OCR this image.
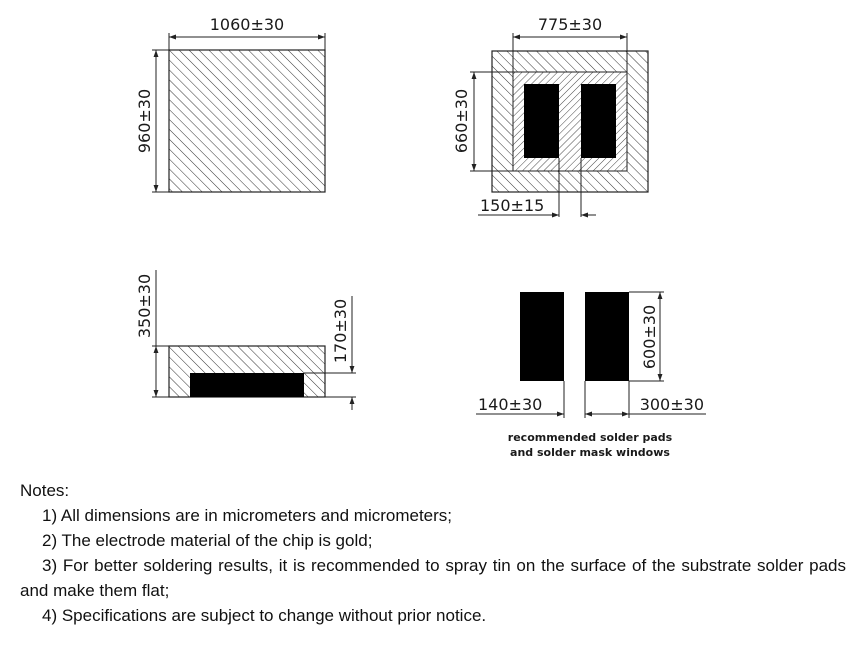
1060±30
960±30
775±30
660±30
150±15
350±30	170±30	600±30
140±30	300±30
recommended solder pads
and solder mask windows
Notes:
1) All dimensions are in micrometers and micrometers;
2) The electrode material of the chip is gold;
3) For better soldering results, it is recommended to spray tin on the surface of the substrate solder pads and make them flat;
4) Specifications are subject to change without prior notice.
